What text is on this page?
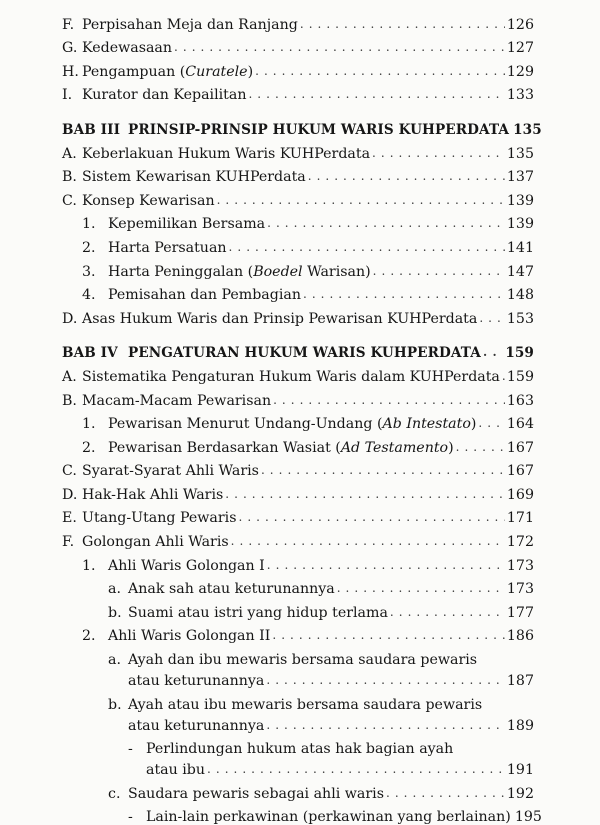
F. Perpisahan Meja dan Ranjang . . .	126
G. Kedewasaan . . .	127
H. Pengampuan (Curatele) . . .	129
I. Kurator dan Kepailitan . . .	133
BAB III PRINSIP-PRINSIP HUKUM WARIS KUHPERDATA 135
A. Keberlakuan Hukum Waris KUHPerdata . . .	135
B. Sistem Kewarisan KUHPerdata . . .	137
C. Konsep Kewarisan . . .	139
1. Kepemilikan Bersama . . .	139
2. Harta Persatuan . . .	141
3. Harta Peninggalan (Boedel Warisan) . . .	147
4. Pemisahan dan Pembagian . . .	148
D. Asas Hukum Waris dan Prinsip Pewarisan KUHPerdata . . . 153
BAB IV PENGATURAN HUKUM WARIS KUHPERDATA . . . 159
A. Sistematika Pengaturan Hukum Waris dalam KUHPerdata . . . 159
B. Macam-Macam Pewarisan . . .	163
1. Pewarisan Menurut Undang-Undang (Ab Intestato) . . . 164
2. Pewarisan Berdasarkan Wasiat (Ad Testamento) . . .	167
C. Syarat-Syarat Ahli Waris . . .	167
D. Hak-Hak Ahli Waris . . .	169
E. Utang-Utang Pewaris . . .	171
F. Golongan Ahli Waris . . .	172
1. Ahli Waris Golongan I . . .	173
a. Anak sah atau keturunannya . . .	173
b. Suami atau istri yang hidup terlama . . .	177
2. Ahli Waris Golongan II . . .	186
a. Ayah dan ibu mewaris bersama saudara pewaris
atau keturunannya . . .	187
b. Ayah atau ibu mewaris bersama saudara pewaris
atau keturunannya . . .	189
- Perlindungan hukum atas hak bagian ayah
atau ibu . . .	191
c. Saudara pewaris sebagai ahli waris . . .	192
- Lain-lain perkawinan (perkawinan yang berlainan) 195
